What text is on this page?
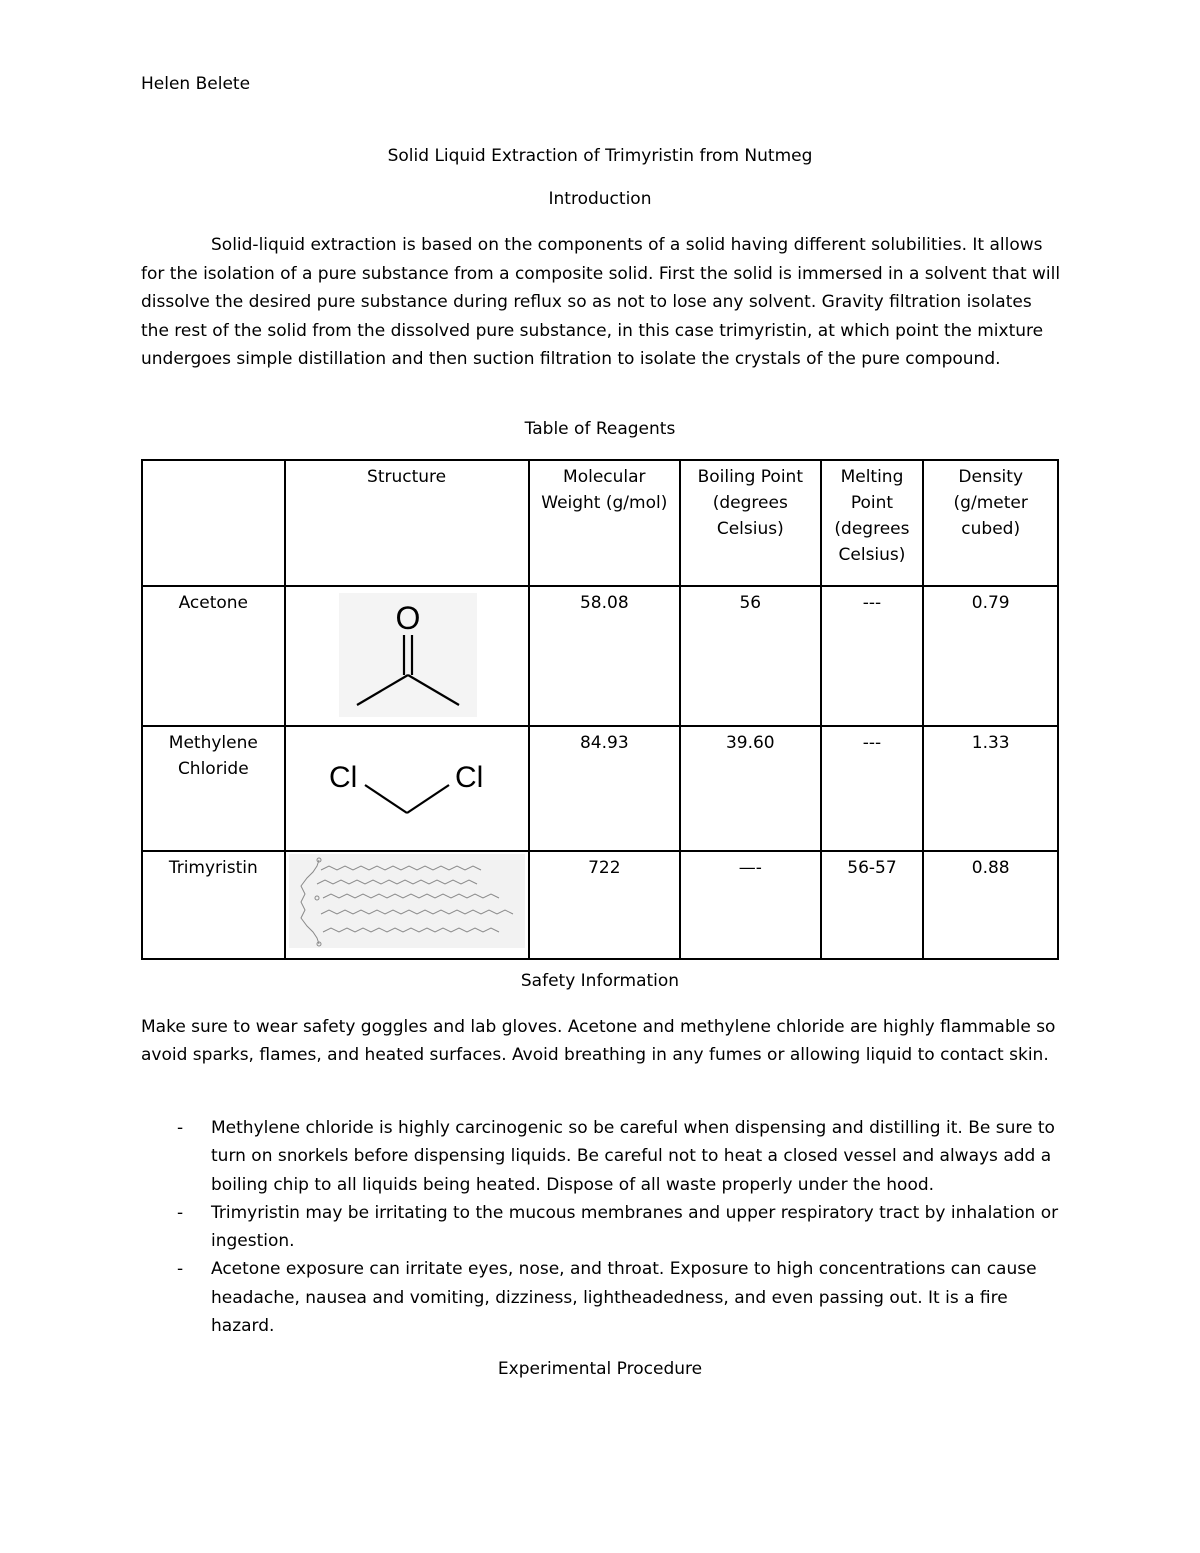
Helen Belete
Solid Liquid Extraction of Trimyristin from Nutmeg
Introduction

Solid-liquid extraction is based on the components of a solid having different solubilities. It allows for the isolation of a pure substance from a composite solid. First the solid is immersed in a solvent that will dissolve the desired pure substance during reflux so as not to lose any solvent. Gravity filtration isolates the rest of the solid from the dissolved pure substance, in this case trimyristin, at which point the mixture undergoes simple distillation and then suction filtration to isolate the crystals of the pure compound.

Table of Reagents
	Structure	Molecular Weight (g/mol)	Boiling Point (degrees Celsius)	Melting Point (degrees Celsius)	Density (g/meter cubed)
Acetone	O	58.08	56	---	0.79
Methylene Chloride	Cl Cl	84.93	39.60	---	1.33
Trimyristin		722	—-	56-57	0.88
Safety Information

Make sure to wear safety goggles and lab gloves. Acetone and methylene chloride are highly flammable so avoid sparks, flames, and heated surfaces. Avoid breathing in any fumes or allowing liquid to contact skin.

- Methylene chloride is highly carcinogenic so be careful when dispensing and distilling it. Be sure to turn on snorkels before dispensing liquids. Be careful not to heat a closed vessel and always add a boiling chip to all liquids being heated. Dispose of all waste properly under the hood.
- Trimyristin may be irritating to the mucous membranes and upper respiratory tract by inhalation or ingestion.
- Acetone exposure can irritate eyes, nose, and throat. Exposure to high concentrations can cause headache, nausea and vomiting, dizziness, lightheadedness, and even passing out. It is a fire hazard.
Experimental Procedure
